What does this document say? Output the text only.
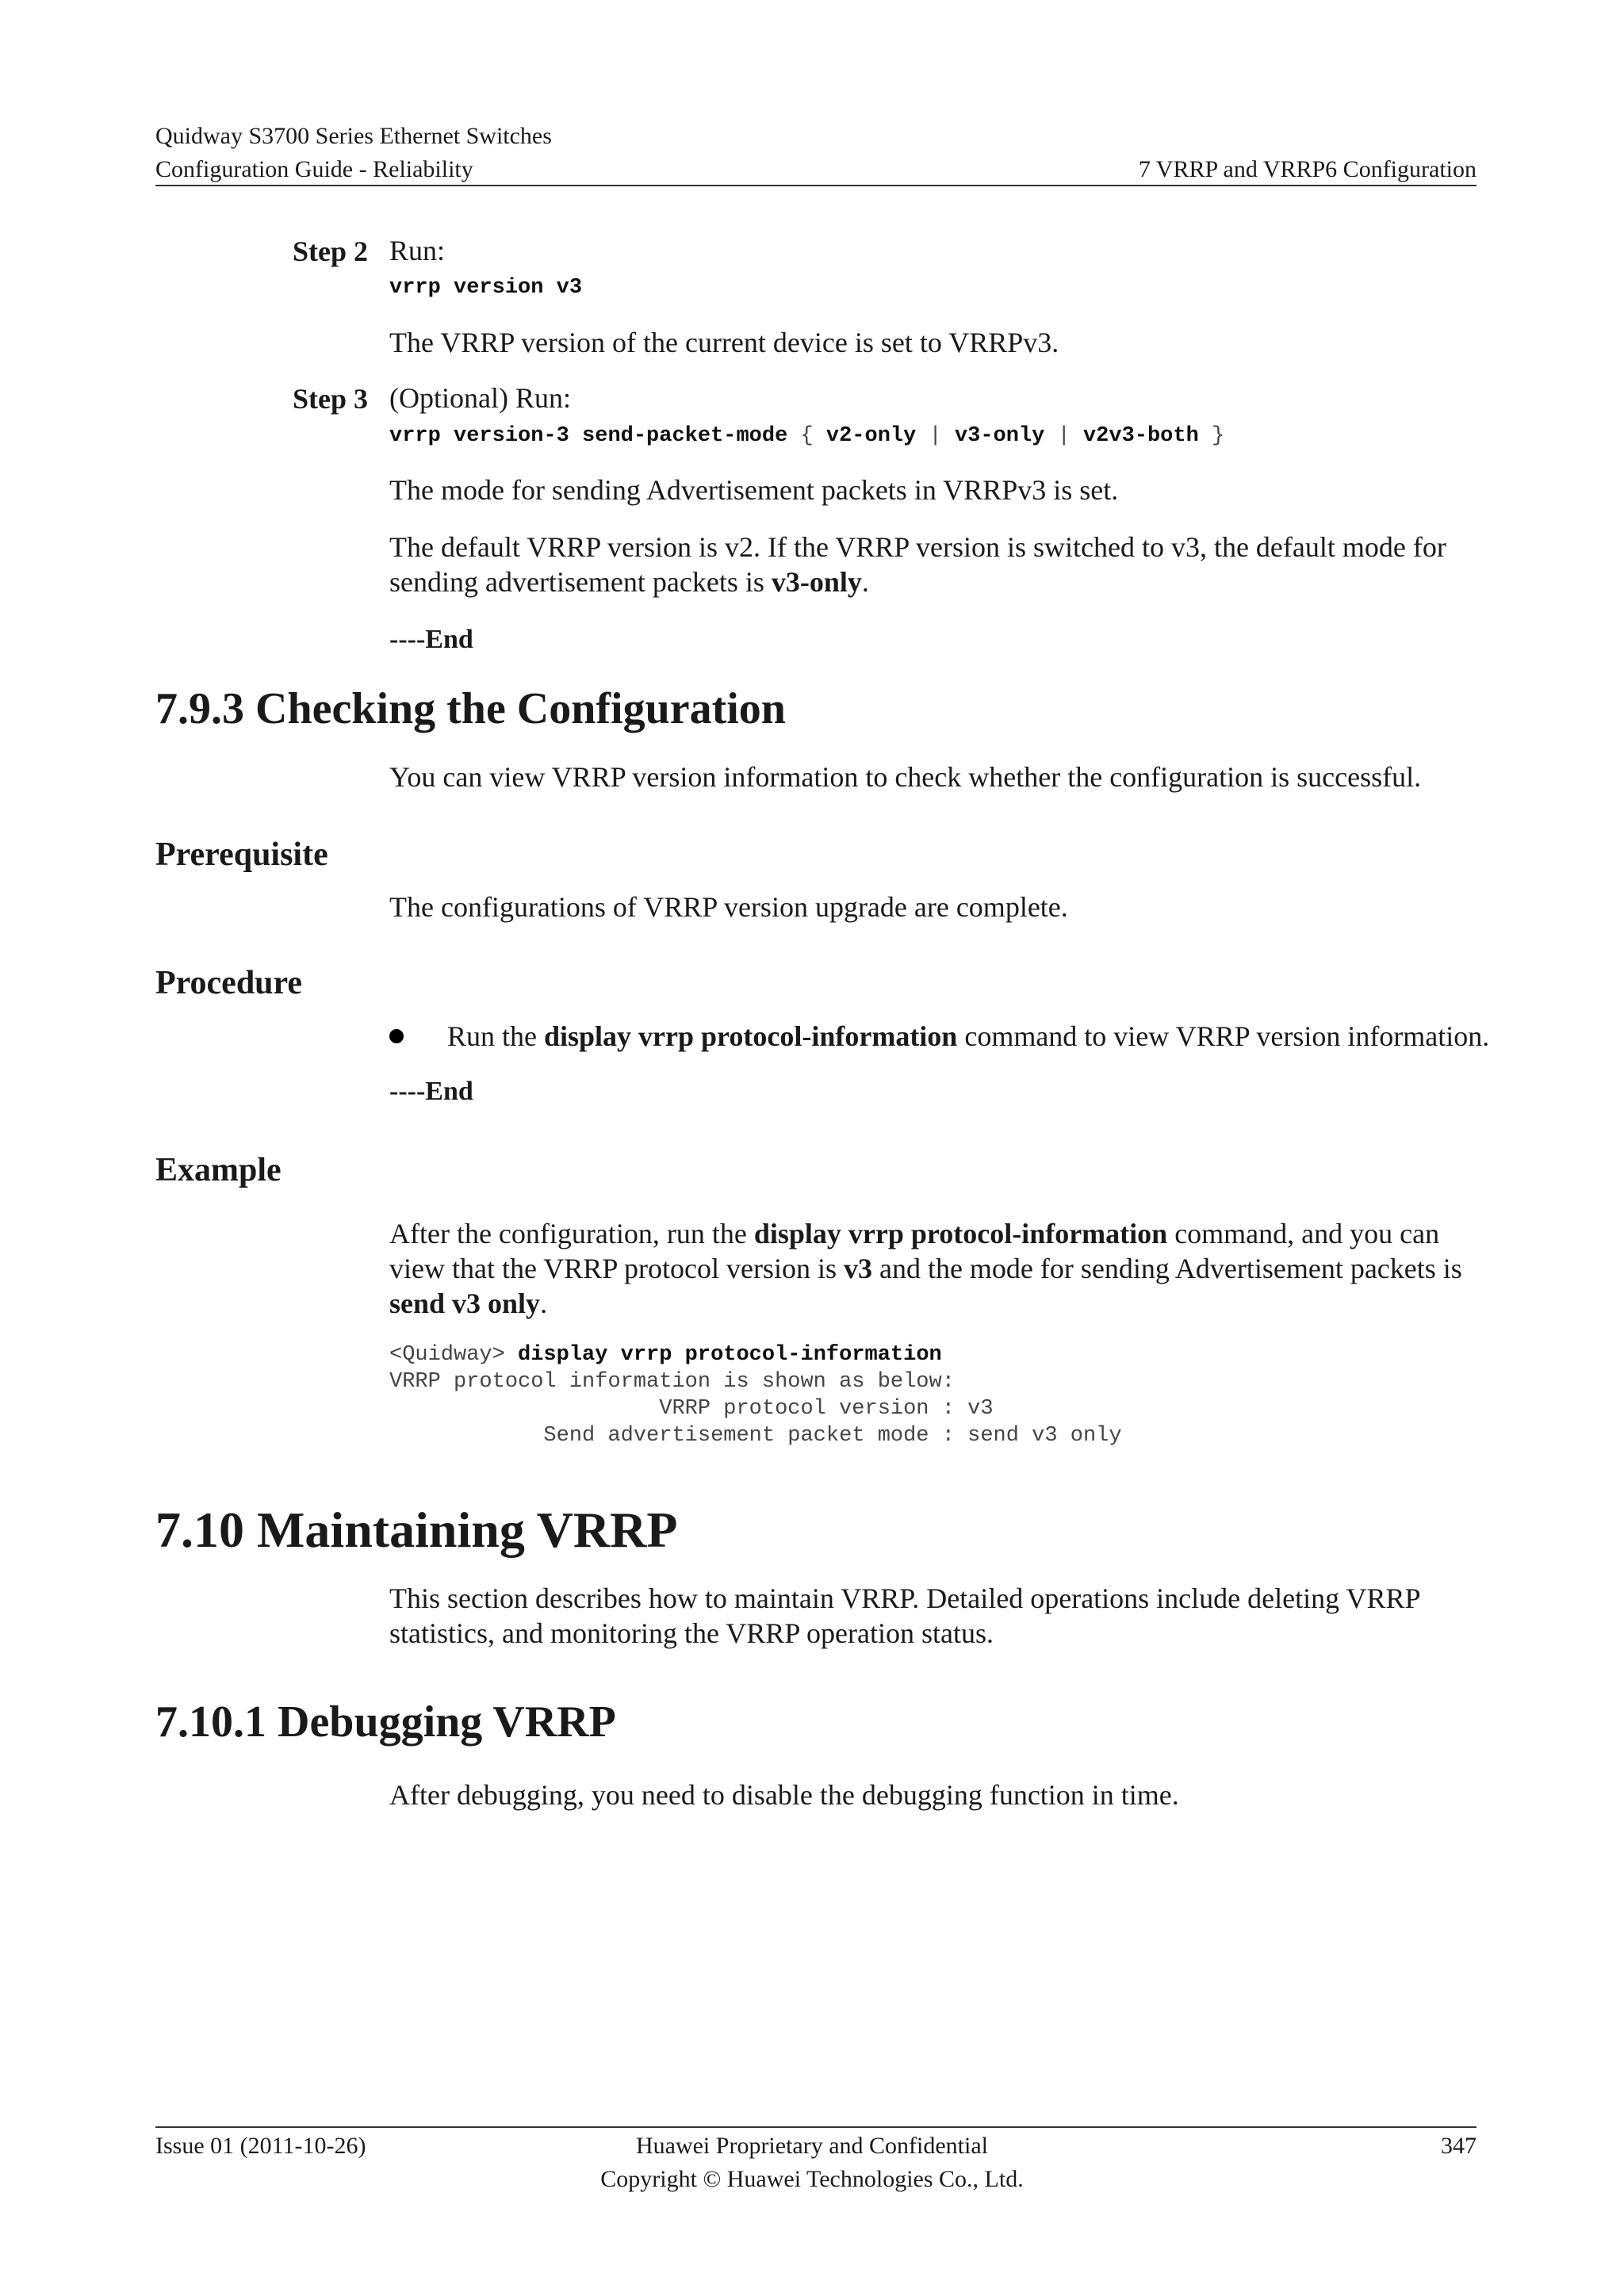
Quidway S3700 Series Ethernet Switches
Configuration Guide - Reliability	7 VRRP and VRRP6 Configuration
Step 2 Run:
vrrp version v3
The VRRP version of the current device is set to VRRPv3.
Step 3 (Optional) Run:
vrrp version-3 send-packet-mode { v2-only | v3-only | v2v3-both }
The mode for sending Advertisement packets in VRRPv3 is set.
The default VRRP version is v2. If the VRRP version is switched to v3, the default mode for sending advertisement packets is v3-only.
----End
7.9.3 Checking the Configuration
You can view VRRP version information to check whether the configuration is successful.
Prerequisite
The configurations of VRRP version upgrade are complete.
Procedure
Run the display vrrp protocol-information command to view VRRP version information.
----End
Example
After the configuration, run the display vrrp protocol-information command, and you can view that the VRRP protocol version is v3 and the mode for sending Advertisement packets is send v3 only.
<Quidway> display vrrp protocol-information
VRRP protocol information is shown as below:
VRRP protocol version : v3
Send advertisement packet mode : send v3 only
7.10 Maintaining VRRP
This section describes how to maintain VRRP. Detailed operations include deleting VRRP statistics, and monitoring the VRRP operation status.
7.10.1 Debugging VRRP
After debugging, you need to disable the debugging function in time.
Issue 01 (2011-10-26)	Huawei Proprietary and Confidential
Copyright © Huawei Technologies Co., Ltd.
347
